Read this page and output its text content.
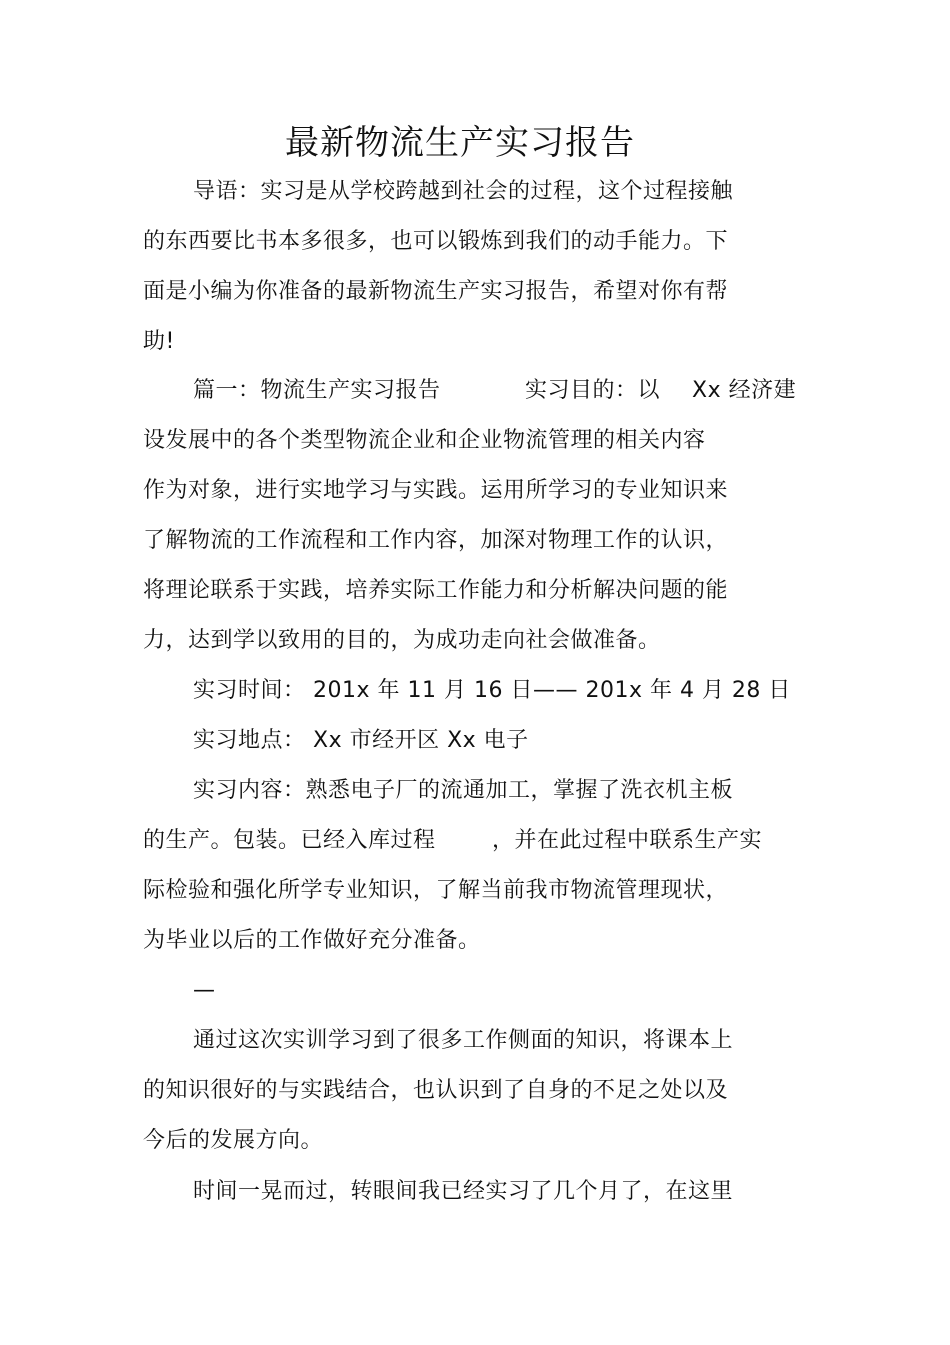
最新物流生产实习报告
导语：实习是从学校跨越到社会的过程，这个过程接触
的东西要比书本多很多，也可以锻炼到我们的动手能力。下
面是小编为你准备的最新物流生产实习报告，希望对你有帮
助!
篇一：物流生产实习报告	实习目的：以 Xx 经济建
设发展中的各个类型物流企业和企业物流管理的相关内容
作为对象，进行实地学习与实践。运用所学习的专业知识来
了解物流的工作流程和工作内容，加深对物理工作的认识，
将理论联系于实践，培养实际工作能力和分析解决问题的能
力，达到学以致用的目的，为成功走向社会做准备。
实习时间： 201x 年 11 月 16 日—— 201x 年 4 月 28 日
实习地点： Xx 市经开区 Xx 电子
实习内容：熟悉电子厂的流通加工，掌握了洗衣机主板
的生产。包装。已经入库过程	，并在此过程中联系生产实
际检验和强化所学专业知识，了解当前我市物流管理现状，
为毕业以后的工作做好充分准备。
—
通过这次实训学习到了很多工作侧面的知识，将课本上
的知识很好的与实践结合，也认识到了自身的不足之处以及
今后的发展方向。
时间一晃而过，转眼间我已经实习了几个月了，在这里
